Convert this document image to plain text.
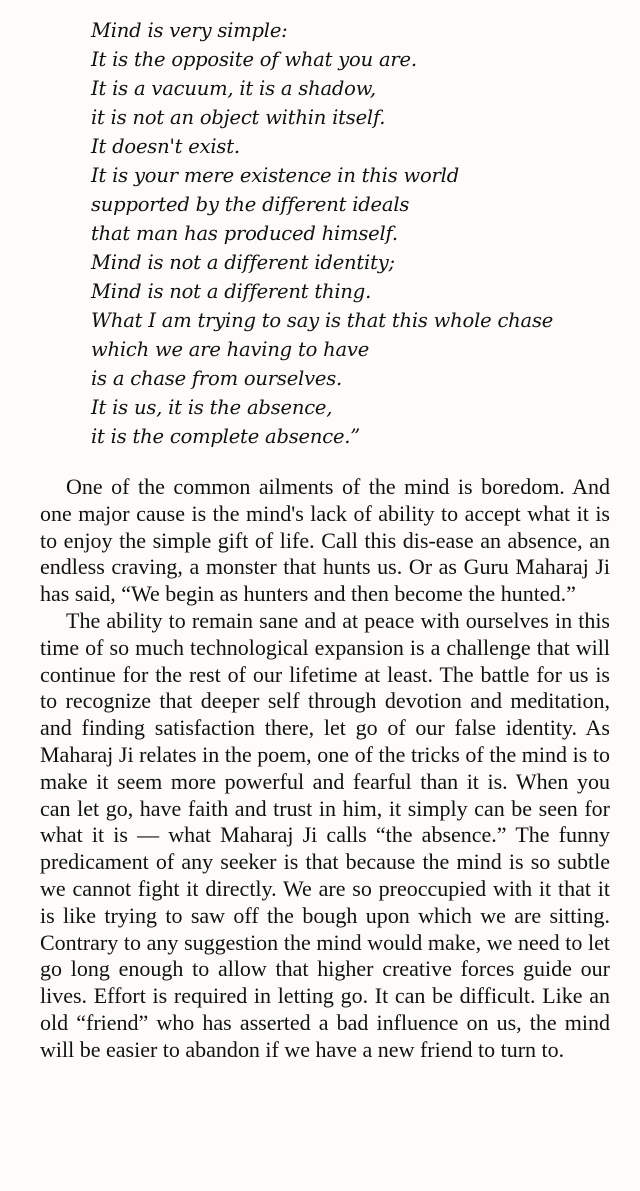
Mind is very simple:
It is the opposite of what you are.
It is a vacuum, it is a shadow,
it is not an object within itself.
It doesn't exist.
It is your mere existence in this world
supported by the different ideals
that man has produced himself.
Mind is not a different identity;
Mind is not a different thing.
What I am trying to say is that this whole chase
which we are having to have
is a chase from ourselves.
It is us, it is the absence,
it is the complete absence.”

One of the common ailments of the mind is boredom. And one major cause is the mind's lack of ability to accept what it is to enjoy the simple gift of life. Call this dis-ease an absence, an endless craving, a monster that hunts us. Or as Guru Maharaj Ji has said, “We begin as hunters and then become the hunted.”

The ability to remain sane and at peace with ourselves in this time of so much technological expansion is a challenge that will continue for the rest of our lifetime at least. The battle for us is to recognize that deeper self through devotion and meditation, and finding satisfaction there, let go of our false identity. As Maharaj Ji relates in the poem, one of the tricks of the mind is to make it seem more powerful and fearful than it is. When you can let go, have faith and trust in him, it simply can be seen for what it is — what Maharaj Ji calls “the absence.” The funny predicament of any seeker is that because the mind is so subtle we cannot fight it directly. We are so preoccupied with it that it is like trying to saw off the bough upon which we are sitting. Contrary to any suggestion the mind would make, we need to let go long enough to allow that higher creative forces guide our lives. Effort is required in letting go. It can be difficult. Like an old “friend” who has asserted a bad influence on us, the mind will be easier to abandon if we have a new friend to turn to.
